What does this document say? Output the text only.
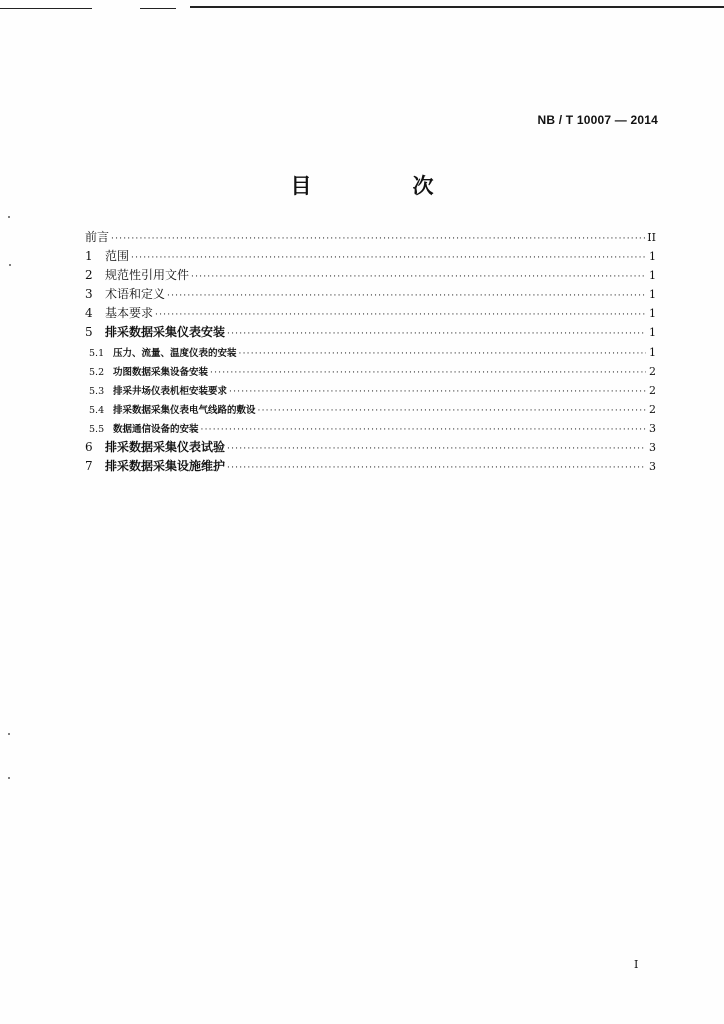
NB / T 10007 — 2014
目　次
前言 ·····	II
1	范围 ·····	1
2	规范性引用文件 ·····	1
3	术语和定义 ·····	1
4	基本要求 ·····	1
5	排采数据采集仪表安装 ·····	1
5.1 压力、流量、温度仪表的安装 ·····	1
5.2 功图数据采集设备安装 ·····	2
5.3 排采井场仪表机柜安装要求 ·····	2
5.4 排采数据采集仪表电气线路的敷设 ·····	2
5.5 数据通信设备的安装 ·····	3
6	排采数据采集仪表试验 ·····	3
7	排采数据采集设施维护 ·····	3
I
